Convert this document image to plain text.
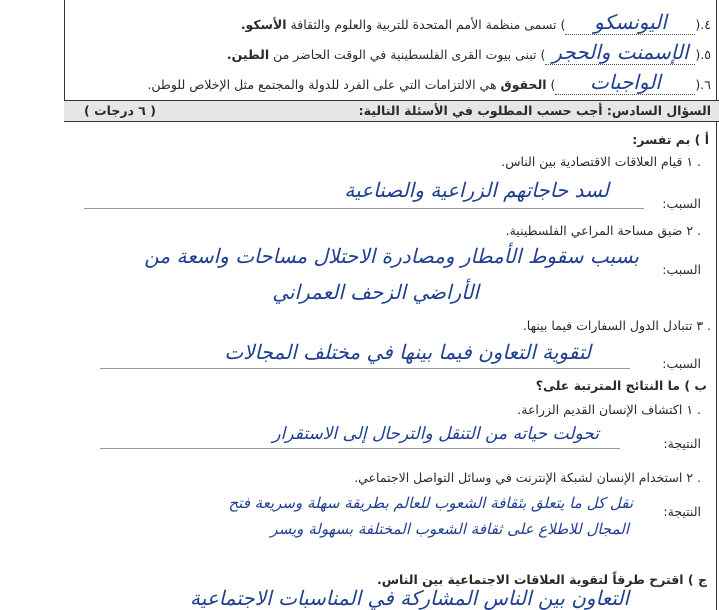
٤.(اليونسكو) تسمى منظمة الأمم المتحدة للتربية والعلوم والثقافة الأسكو.
٥.(الإسمنت والحجر) تبنى بيوت القرى الفلسطينية في الوقت الحاضر من الطين.
٦.(الواجبات) الحقوق هي الالتزامات التي على الفرد للدولة والمجتمع مثل الإخلاص للوطن.
السؤال السادس: أجب حسب المطلوب في الأسئلة التالية:
( ٦ درجات )
أ ) بم تفسر:
. ١ قيام العلاقات الاقتصادية بين الناس.
السبب:
لسد حاجاتهم الزراعية والصناعية
. ٢ ضيق مساحة المراعي الفلسطينية.
السبب:
بسبب سقوط الأمطار ومصادرة الاحتلال مساحات واسعة من
الأراضي الزحف العمراني
. ٣ تتبادل الدول السفارات فيما بينها.
السبب:
لتقوية التعاون فيما بينها في مختلف المجالات
ب ) ما النتائج المترتبة على؟
. ١ اكتشاف الإنسان القديم الزراعة.
النتيجة:
تحولت حياته من التنقل والترحال إلى الاستقرار
. ٢ استخدام الإنسان لشبكة الإنترنت في وسائل التواصل الاجتماعي.
النتيجة:
نقل كل ما يتعلق بثقافة الشعوب للعالم بطريقة سهلة وسريعة فتح
المجال للاطلاع على ثقافة الشعوب المختلفة بسهولة ويسر
ج ) اقترح طرقاً لتقوية العلاقات الاجتماعية بين الناس.
التعاون بين الناس المشاركة في المناسبات الاجتماعية
